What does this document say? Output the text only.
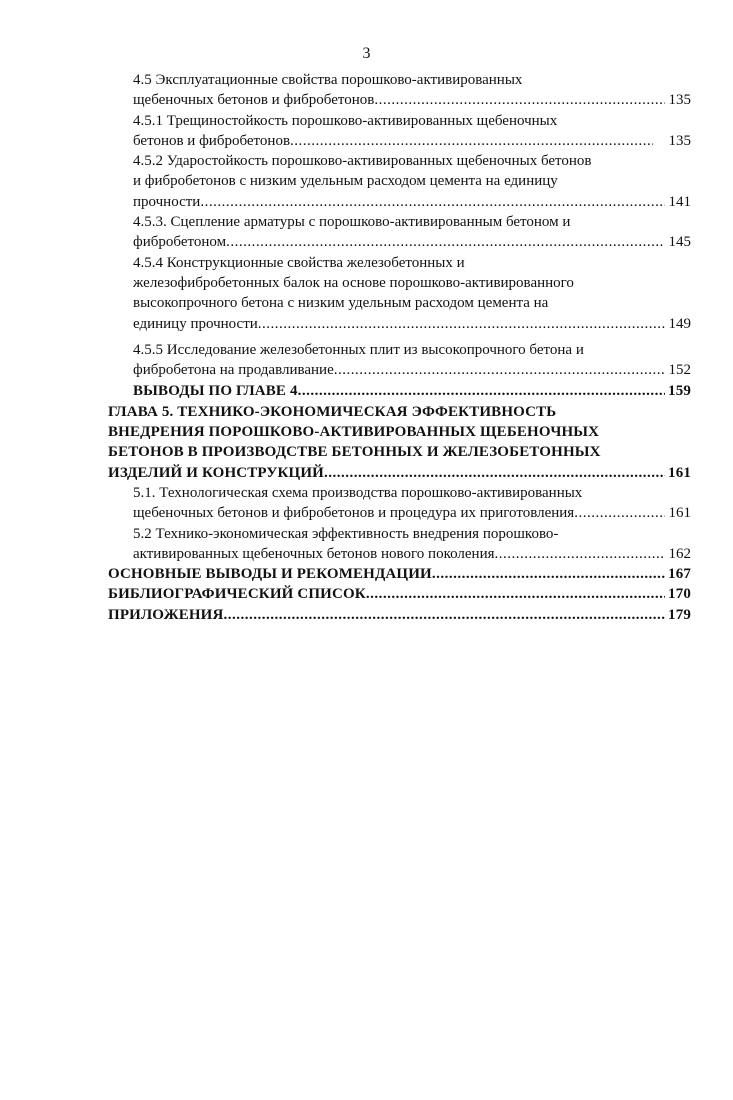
3
4.5 Эксплуатационные свойства порошково-активированных
щебеночных бетонов и фибробетонов .....	135
4.5.1 Трещиностойкость порошково-активированных щебеночных
бетонов и фибробетонов .....	135
4.5.2 Ударостойкость порошково-активированных щебеночных бетонов
и фибробетонов с низким удельным расходом цемента на единицу
прочности .....	141
4.5.3. Сцепление арматуры с порошково-активированным бетоном и
фибробетоном .....	145
4.5.4 Конструкционные свойства железобетонных и
железофибробетонных балок на основе порошково-активированного
высокопрочного бетона с низким удельным расходом цемента на
единицу прочности .....	149
4.5.5 Исследование железобетонных плит из высокопрочного бетона и
фибробетона на продавливание .....	152
ВЫВОДЫ ПО ГЛАВЕ 4 .....	159
ГЛАВА 5. ТЕХНИКО-ЭКОНОМИЧЕСКАЯ ЭФФЕКТИВНОСТЬ
ВНЕДРЕНИЯ ПОРОШКОВО-АКТИВИРОВАННЫХ ЩЕБЕНОЧНЫХ
БЕТОНОВ В ПРОИЗВОДСТВЕ БЕТОННЫХ И ЖЕЛЕЗОБЕТОННЫХ
ИЗДЕЛИЙ И КОНСТРУКЦИЙ .....	161
5.1. Технологическая схема производства порошково-активированных
щебеночных бетонов и фибробетонов и процедура их приготовления .....	161
5.2 Технико-экономическая эффективность внедрения порошково-
активированных щебеночных бетонов нового поколения .....	162
ОСНОВНЫЕ ВЫВОДЫ И РЕКОМЕНДАЦИИ .....	167
БИБЛИОГРАФИЧЕСКИЙ СПИСОК .....	170
ПРИЛОЖЕНИЯ .....	179
